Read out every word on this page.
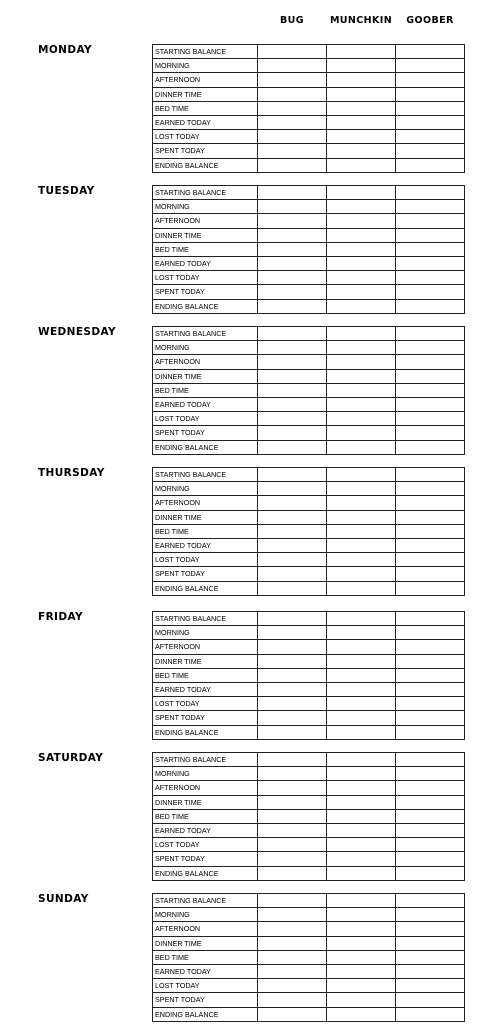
BUG	MUNCHKIN	GOOBER
MONDAY	STARTING BALANCE			
MORNING			
AFTERNOON			
DINNER TIME			
BED TIME			
EARNED TODAY			
LOST TODAY			
SPENT TODAY			
ENDING BALANCE			
TUESDAY	STARTING BALANCE			
MORNING			
AFTERNOON			
DINNER TIME			
BED TIME			
EARNED TODAY			
LOST TODAY			
SPENT TODAY			
ENDING BALANCE			
WEDNESDAY	STARTING BALANCE			
MORNING			
AFTERNOON			
DINNER TIME			
BED TIME			
EARNED TODAY			
LOST TODAY			
SPENT TODAY			
ENDING BALANCE			
THURSDAY	STARTING BALANCE			
MORNING			
AFTERNOON			
DINNER TIME			
BED TIME			
EARNED TODAY			
LOST TODAY			
SPENT TODAY			
ENDING BALANCE			
FRIDAY	STARTING BALANCE			
MORNING			
AFTERNOON			
DINNER TIME			
BED TIME			
EARNED TODAY			
LOST TODAY			
SPENT TODAY			
ENDING BALANCE			
SATURDAY	STARTING BALANCE			
MORNING			
AFTERNOON			
DINNER TIME			
BED TIME			
EARNED TODAY			
LOST TODAY			
SPENT TODAY			
ENDING BALANCE			
SUNDAY	STARTING BALANCE			
MORNING			
AFTERNOON			
DINNER TIME			
BED TIME			
EARNED TODAY			
LOST TODAY			
SPENT TODAY			
ENDING BALANCE			
